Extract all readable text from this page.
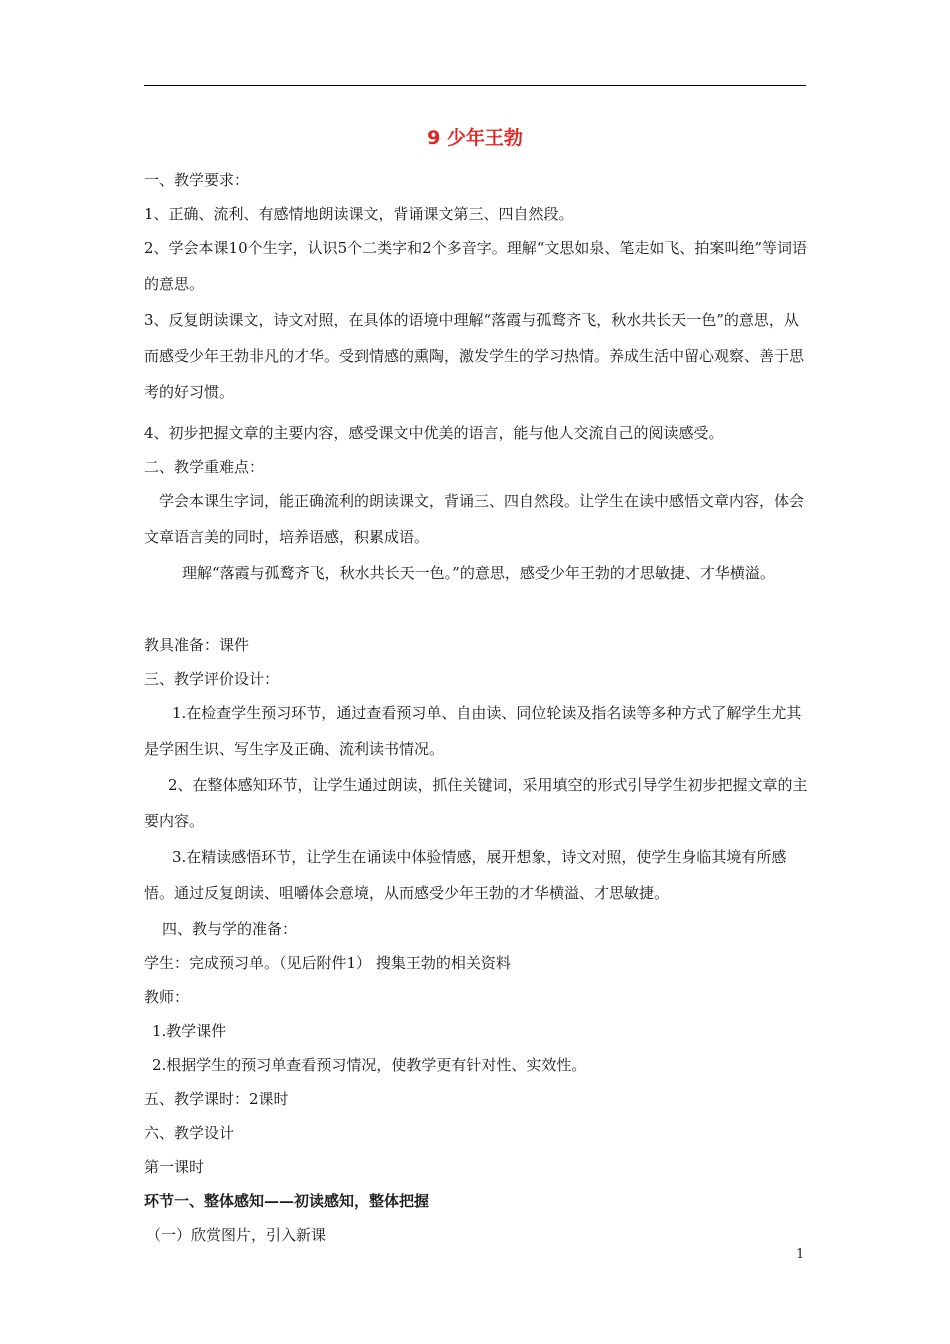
9 少年王勃

一、教学要求：

1、正确、流利、有感情地朗读课文，背诵课文第三、四自然段。

2、学会本课10个生字，认识5个二类字和2个多音字。理解“文思如泉、笔走如飞、拍案叫绝”等词语的意思。

3、反复朗读课文，诗文对照，在具体的语境中理解“落霞与孤鹜齐飞，秋水共长天一色”的意思，从而感受少年王勃非凡的才华。受到情感的熏陶，激发学生的学习热情。养成生活中留心观察、善于思考的好习惯。

4、初步把握文章的主要内容，感受课文中优美的语言，能与他人交流自己的阅读感受。

二、教学重难点：

学会本课生字词，能正确流利的朗读课文，背诵三、四自然段。让学生在读中感悟文章内容，体会文章语言美的同时，培养语感，积累成语。

理解“落霞与孤鹜齐飞，秋水共长天一色。”的意思，感受少年王勃的才思敏捷、才华横溢。

教具准备：课件

三、教学评价设计：

1.在检查学生预习环节，通过查看预习单、自由读、同位轮读及指名读等多种方式了解学生尤其是学困生识、写生字及正确、流利读书情况。

2、在整体感知环节，让学生通过朗读，抓住关键词，采用填空的形式引导学生初步把握文章的主要内容。

3.在精读感悟环节，让学生在诵读中体验情感，展开想象，诗文对照，使学生身临其境有所感悟。通过反复朗读、咀嚼体会意境，从而感受少年王勃的才华横溢、才思敏捷。

四、教与学的准备：

学生：完成预习单。（见后附件1） 搜集王勃的相关资料

教师：

1.教学课件

2.根据学生的预习单查看预习情况，使教学更有针对性、实效性。

五、教学课时：2课时

六、教学设计

第一课时

环节一、整体感知——初读感知，整体把握

（一）欣赏图片，引入新课

1
